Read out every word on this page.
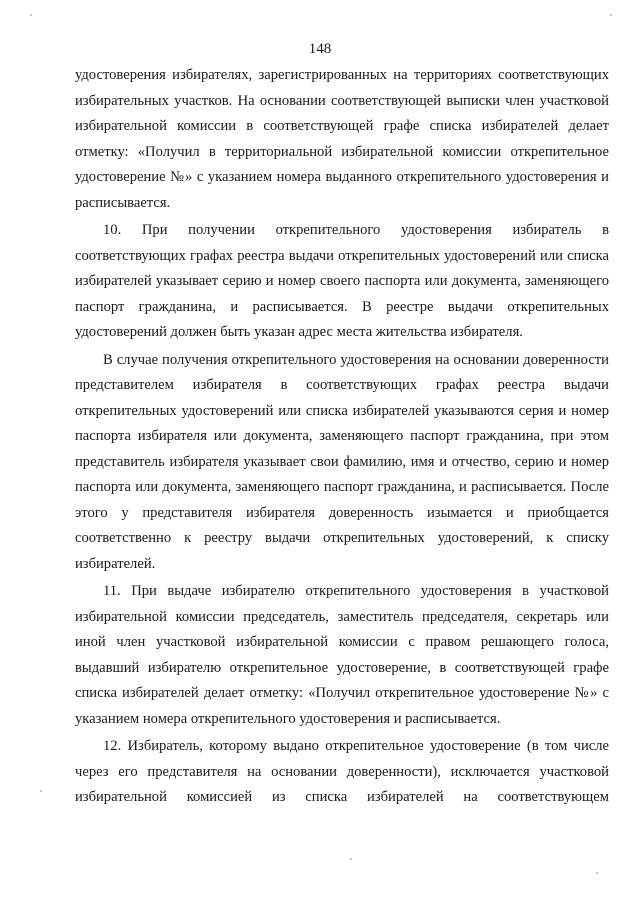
148

удостоверения избирателях, зарегистрированных на территориях соответствующих избирательных участков. На основании соответствующей выписки член участковой избирательной комиссии в соответствующей графе списка избирателей делает отметку: «Получил в территориальной избирательной комиссии открепительное удостоверение №» с указанием номера выданного открепительного удостоверения и расписывается.

10. При получении открепительного удостоверения избиратель в соответствующих графах реестра выдачи открепительных удостоверений или списка избирателей указывает серию и номер своего паспорта или документа, заменяющего паспорт гражданина, и расписывается. В реестре выдачи открепительных удостоверений должен быть указан адрес места жительства избирателя.

В случае получения открепительного удостоверения на основании доверенности представителем избирателя в соответствующих графах реестра выдачи открепительных удостоверений или списка избирателей указываются серия и номер паспорта избирателя или документа, заменяющего паспорт гражданина, при этом представитель избирателя указывает свои фамилию, имя и отчество, серию и номер паспорта или документа, заменяющего паспорт гражданина, и расписывается. После этого у представителя избирателя доверенность изымается и приобщается соответственно к реестру выдачи открепительных удостоверений, к списку избирателей.

11. При выдаче избирателю открепительного удостоверения в участковой избирательной комиссии председатель, заместитель председателя, секретарь или иной член участковой избирательной комиссии с правом решающего голоса, выдавший избирателю открепительное удостоверение, в соответствующей графе списка избирателей делает отметку: «Получил открепительное удостоверение №» с указанием номера открепительного удостоверения и расписывается.

12. Избиратель, которому выдано открепительное удостоверение (в том числе через его представителя на основании доверенности), исключается участковой избирательной комиссией из списка избирателей на соответствующем
